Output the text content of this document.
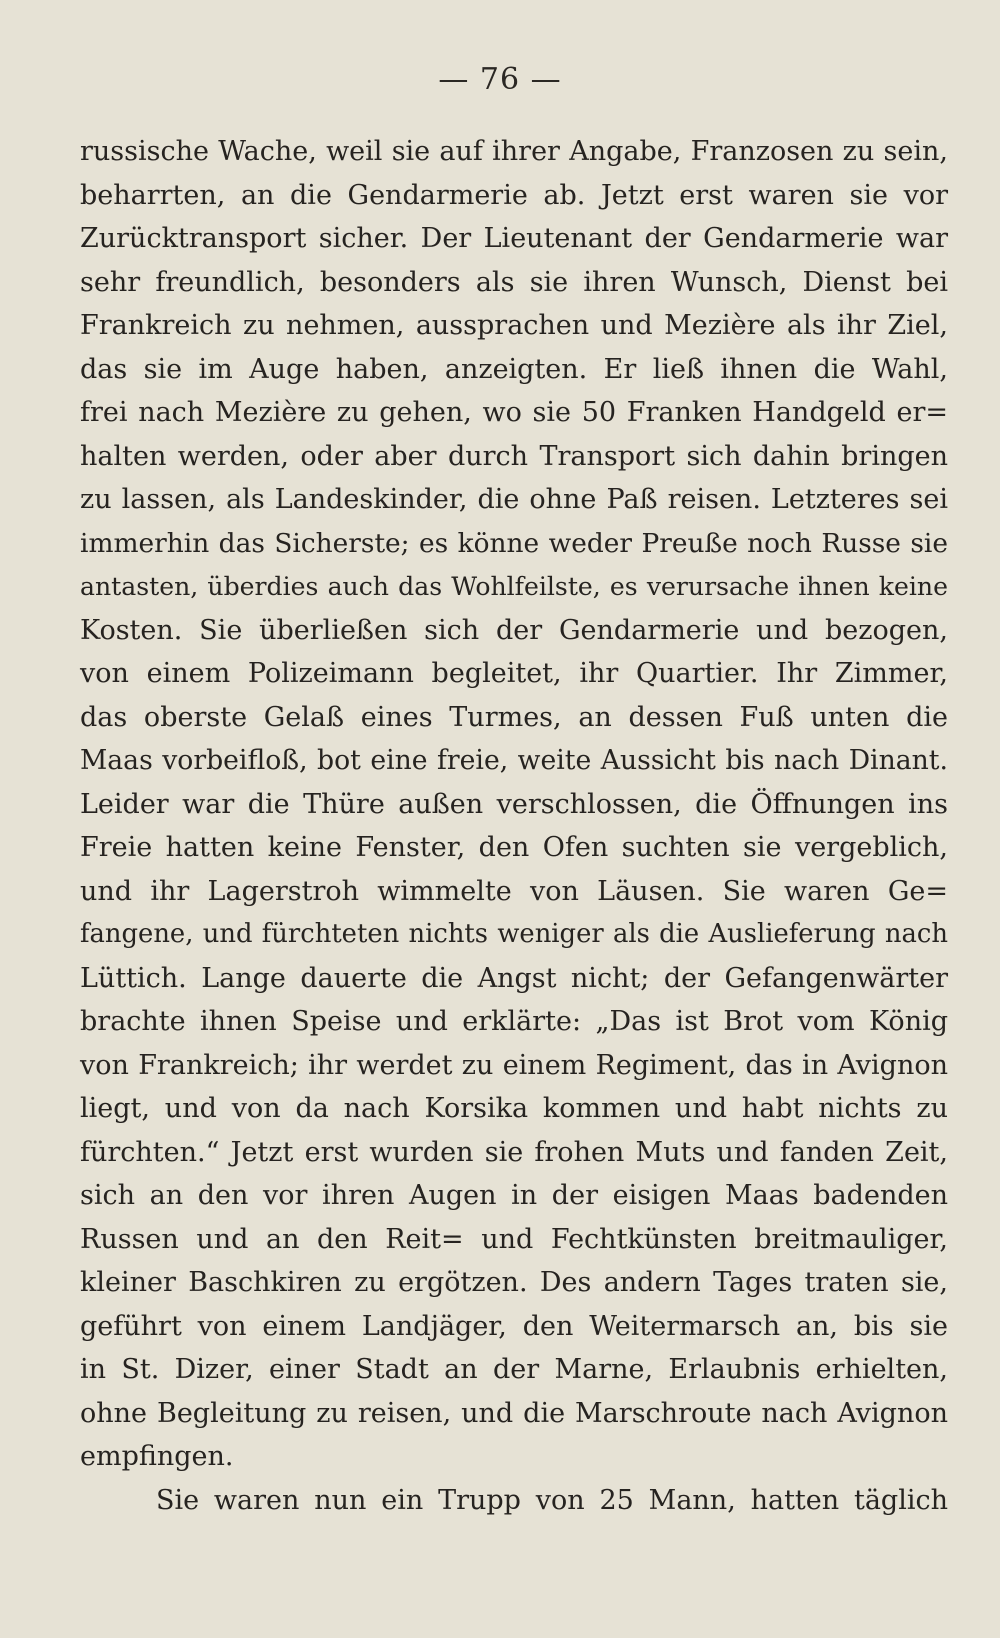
— 76 —
russische Wache, weil sie auf ihrer Angabe, Franzosen zu sein,
beharrten, an die Gendarmerie ab. Jetzt erst waren sie vor
Zurücktransport sicher. Der Lieutenant der Gendarmerie war
sehr freundlich, besonders als sie ihren Wunsch, Dienst bei
Frankreich zu nehmen, aussprachen und Mezière als ihr Ziel,
das sie im Auge haben, anzeigten. Er ließ ihnen die Wahl,
frei nach Mezière zu gehen, wo sie 50 Franken Handgeld er=
halten werden, oder aber durch Transport sich dahin bringen
zu lassen, als Landeskinder, die ohne Paß reisen. Letzteres sei
immerhin das Sicherste; es könne weder Preuße noch Russe sie
antasten, überdies auch das Wohlfeilste, es verursache ihnen keine
Kosten. Sie überließen sich der Gendarmerie und bezogen,
von einem Polizeimann begleitet, ihr Quartier. Ihr Zimmer,
das oberste Gelaß eines Turmes, an dessen Fuß unten die
Maas vorbeifloß, bot eine freie, weite Aussicht bis nach Dinant.
Leider war die Thüre außen verschlossen, die Öffnungen ins
Freie hatten keine Fenster, den Ofen suchten sie vergeblich,
und ihr Lagerstroh wimmelte von Läusen. Sie waren Ge=
fangene, und fürchteten nichts weniger als die Auslieferung nach
Lüttich. Lange dauerte die Angst nicht; der Gefangenwärter
brachte ihnen Speise und erklärte: „Das ist Brot vom König
von Frankreich; ihr werdet zu einem Regiment, das in Avignon
liegt, und von da nach Korsika kommen und habt nichts zu
fürchten.“ Jetzt erst wurden sie frohen Muts und fanden Zeit,
sich an den vor ihren Augen in der eisigen Maas badenden
Russen und an den Reit= und Fechtkünsten breitmauliger,
kleiner Baschkiren zu ergötzen. Des andern Tages traten sie,
geführt von einem Landjäger, den Weitermarsch an, bis sie
in St. Dizer, einer Stadt an der Marne, Erlaubnis erhielten,
ohne Begleitung zu reisen, und die Marschroute nach Avignon
empfingen.
Sie waren nun ein Trupp von 25 Mann, hatten täglich
